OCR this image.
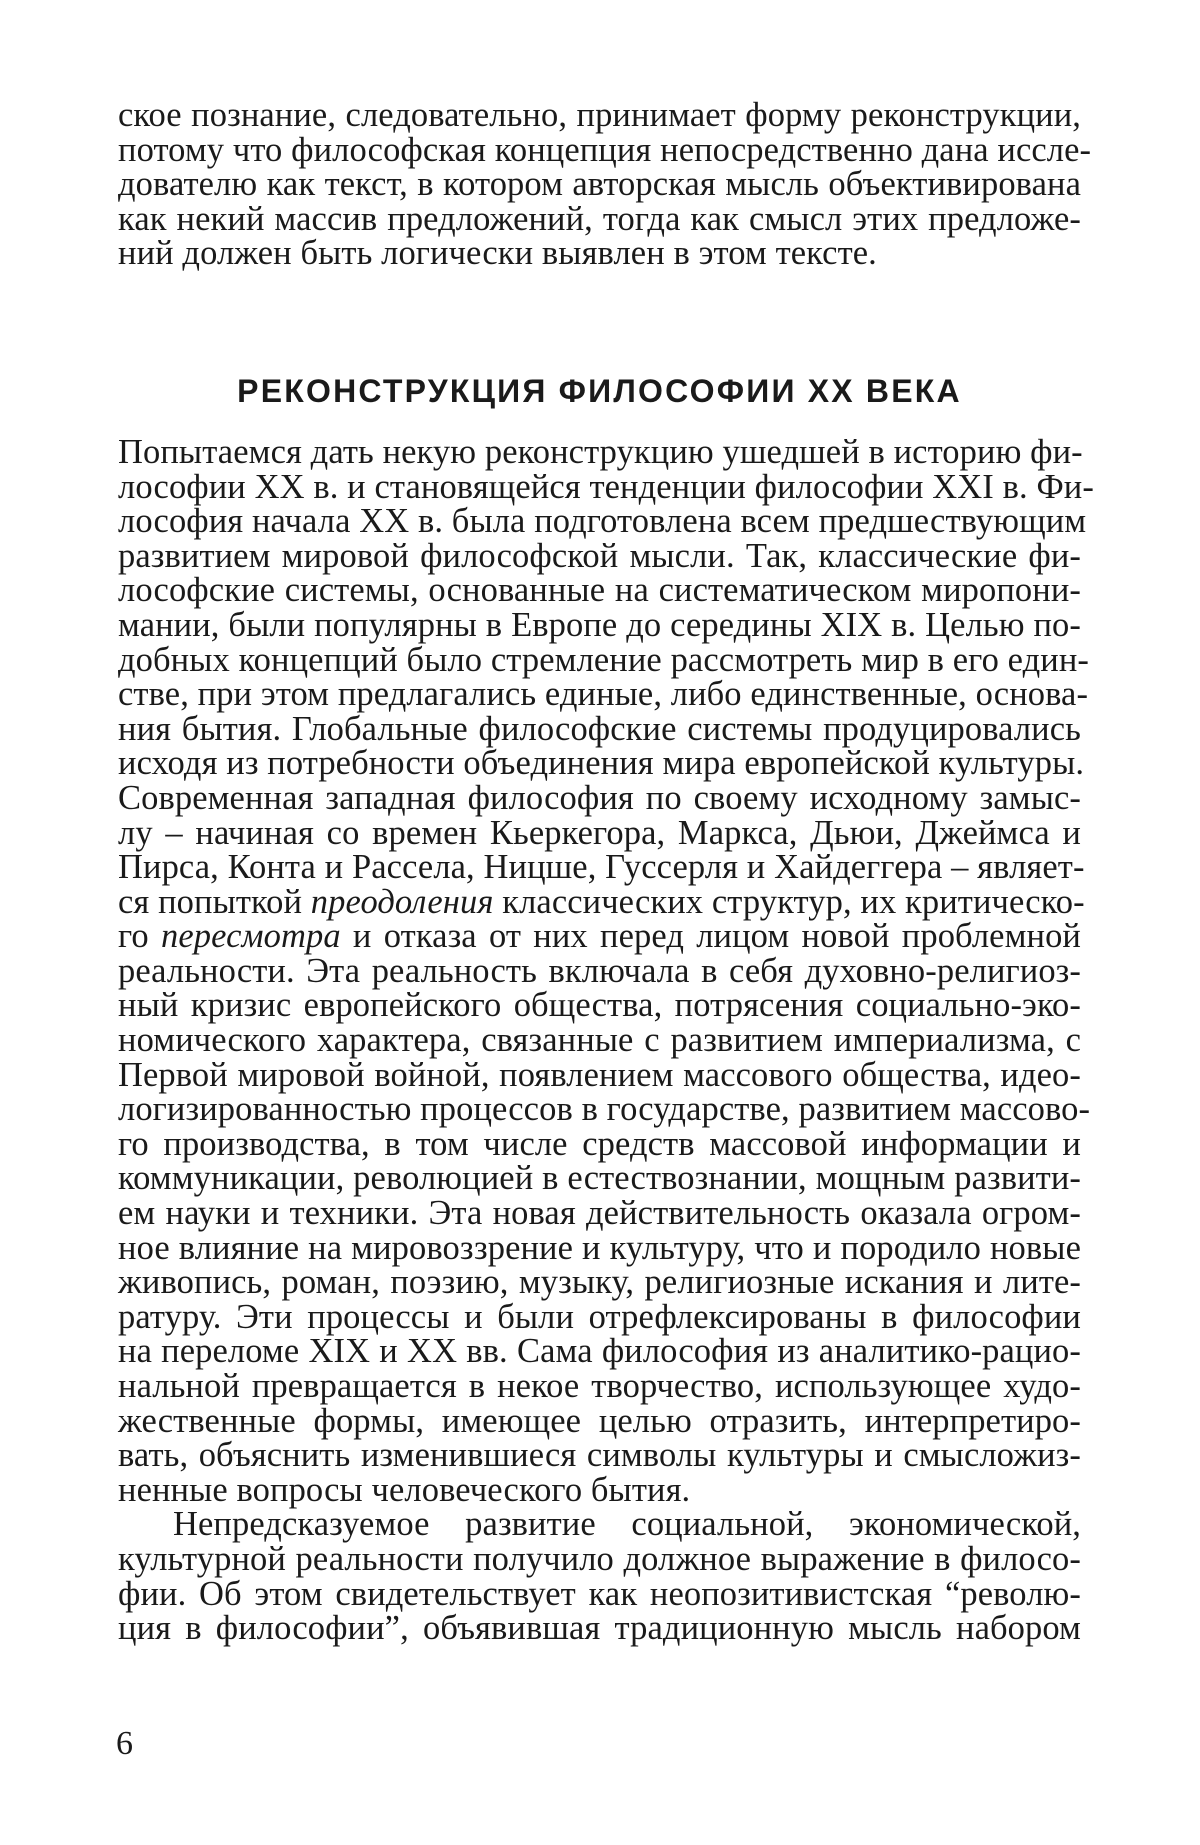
ское познание, следовательно, принимает форму реконструкции,
потому что философская концепция непосредственно дана иссле-
дователю как текст, в котором авторская мысль объективирована
как некий массив предложений, тогда как смысл этих предложе-
ний должен быть логически выявлен в этом тексте.
РЕКОНСТРУКЦИЯ ФИЛОСОФИИ XX ВЕКА
Попытаемся дать некую реконструкцию ушедшей в историю фи-
лософии XX в. и становящейся тенденции философии XXI в. Фи-
лософия начала XX в. была подготовлена всем предшествующим
развитием мировой философской мысли. Так, классические фи-
лософские системы, основанные на систематическом миропони-
мании, были популярны в Европе до середины XIX в. Целью по-
добных концепций было стремление рассмотреть мир в его един-
стве, при этом предлагались единые, либо единственные, основа-
ния бытия. Глобальные философские системы продуцировались
исходя из потребности объединения мира европейской культуры.
Современная западная философия по своему исходному замыс-
лу – начиная со времен Кьеркегора, Маркса, Дьюи, Джеймса и
Пирса, Конта и Рассела, Ницше, Гуссерля и Хайдеггера – являет-
ся попыткой преодоления классических структур, их критическо-
го пересмотра и отказа от них перед лицом новой проблемной
реальности. Эта реальность включала в себя духовно-религиоз-
ный кризис европейского общества, потрясения социально-эко-
номического характера, связанные с развитием империализма, с
Первой мировой войной, появлением массового общества, идео-
логизированностью процессов в государстве, развитием массово-
го производства, в том числе средств массовой информации и
коммуникации, революцией в естествознании, мощным развити-
ем науки и техники. Эта новая действительность оказала огром-
ное влияние на мировоззрение и культуру, что и породило новые
живопись, роман, поэзию, музыку, религиозные искания и лите-
ратуру. Эти процессы и были отрефлексированы в философии
на переломе XIX и XX вв. Сама философия из аналитико-рацио-
нальной превращается в некое творчество, использующее худо-
жественные формы, имеющее целью отразить, интерпретиро-
вать, объяснить изменившиеся символы культуры и смысложиз-
ненные вопросы человеческого бытия.
Непредсказуемое развитие социальной, экономической,
культурной реальности получило должное выражение в филосо-
фии. Об этом свидетельствует как неопозитивистская “револю-
ция в философии”, объявившая традиционную мысль набором
6
